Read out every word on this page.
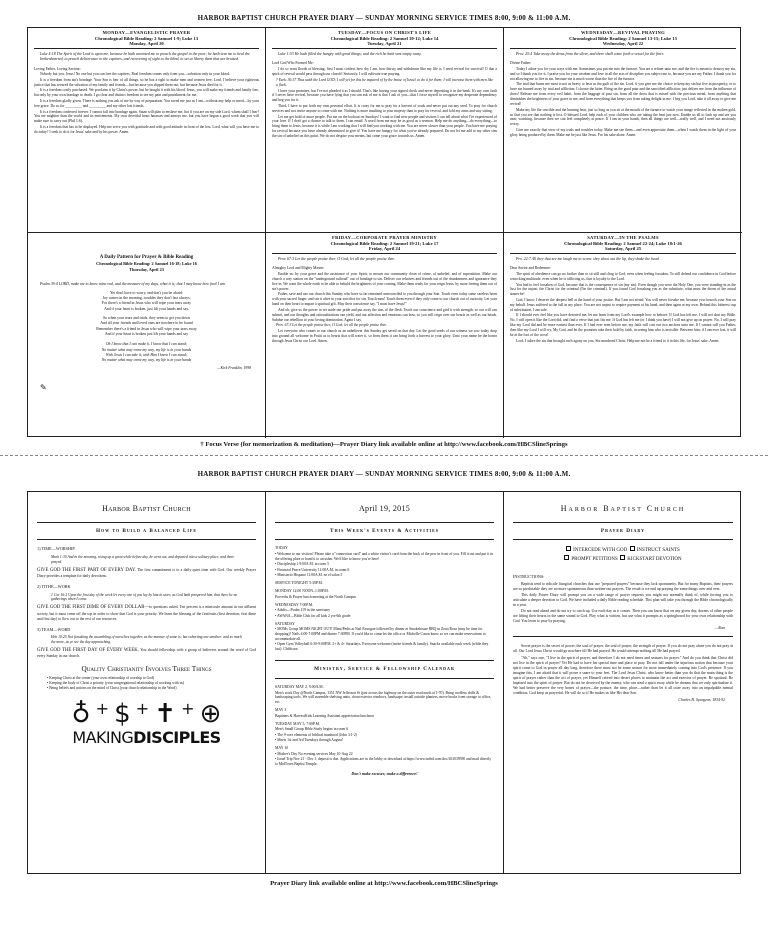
HARBOR BAPTIST CHURCH PRAYER DIARY — SUNDAY MORNING SERVICE TIMES 8:00, 9:00 & 11:00 A.M.
MONDAY—EVANGELISTIC PRAYER
Chronological Bible Reading: 2 Samuel 1-9; Luke 13
Monday, April 20
Luke 4:18 The Spirit of the Lord is upon me, because he hath anointed me to preach the gospel to the poor; he hath sent me to heal the brokenhearted, to preach deliverance to the captives, and recovering of sight to the blind, to set at liberty them that are bruised.

Loving Father, Loving Saviour:

Nobody but you, Jesus! No one but you can free the captives. Real freedom comes only from you—salvation only in your blood.

It is a freedom from sin's bondage. Your Son is heir of all things, so he has a right to make men and women free. Lord, I believe your righteous justice that has secured the salvation of my family and friends—but because you slipped them out, but because Jesus died for it.

It is a freedom costly purchased. We proclaim it by Christ's power, but he bought it with his blood. Jesus, you will make my friends and family free, but only by your own bondage to death. I go clear and distinct freedom to see my pain and punishment for me.

It is a freedom gladly given. There is nothing you ask of me by way of preparation. You saved me just as I am—without any help or merit—by your free grace. Do so for _________ and _________ and my other lost friends.

It is a freedom conferred forever. I cannot fall into bondage again. Satan will plan to enslave me, but if you are on my side Lord, whom shall I fear? You are mightier than the world and its enticements. My own deceitful heart harasses and annoys me, but you have begun a good work that you will make sure to carry out (Phil 1:6).

It is a freedom that has to be displayed. Help me serve you with gratitude and with good attitude in front of the lost. Lord, what will you have me to do today? I seek to do it for Jesus' sake and by his power. Amen.

TUESDAY—FOCUS ON CHRIST'S LIFE
Chronological Bible Reading: 2 Samuel 10-12; Luke 14
Tuesday, April 21
Luke 1:53 He hath filled the hungry with good things; and the rich he hath sent empty away.

Lord God Who Formed Me:

I do so want floods of blessing; first I must confess how dry I am, how thirsty and withdrawn like my life is. I need revival for survival! O that a spirit of revival would pass through our church! Seriously, I will cultivate true praying.

† Ezek. 36:37 Thus saith the Lord GOD; I will yet for this be inquired of by the house of Israel, to do it for them; I will increase them with men like a flock.

I have your promises, but I've not pleaded it as I should. That's like having your signed check and never depositing it in the bank. It's my own fault if I never have revival, because you have lying that you can ask of me is that I ask of you—that I force myself to recognize my desperate dependency and beg you for it.

Third, I have to put forth my own personal effort. It is crazy for me to pray for a harvest of souls and never put out any seed. To pray for church services and not invite anyone to come with me. Nothing is more insulting to your majesty than to pray for revival, and fold my arms and stay sitting.

Let me get hold of more people. Put me on the lookout on Sundays! I want to find new people and visitors I can tell about what I've experienced of your love. If I don't get a chance to talk to them, I can email. A word from me may be as good as a sermon. Help me do anything—do everything—to bring them to Jesus, because it is while I am working that I will find you working with me. You are never slower than your people. You have me praying for revival because you have already determined to give it! You have me hungry for what you've already prepared. Do not let me add to my other sins the sin of unbelief on this point. We do not despise your means, but come your grace towards us. Amen.

WEDNESDAY—REVIVAL PRAYING
Chronological Bible Reading: 2 Samuel 13-15; Luke 15
Wednesday, April 22
Prov. 25:4 Take away the dross from the silver, and there shall come forth a vessel for the finer.

Divine Father:

Today I adore you for your ways with me. Sometimes you put me into the furnace. You are a refiner unto me, and the fire is meant to destroy my sin, and so I thank you for it. I praise you for your wisdom and love in all the acts of discipline you subject me to, because you are my Father. I thank you for not allowing me to live in sin, because sin is much worse than the fire of the furnace.

The trial that burns me most is not as heavy to bear as the guilt of the sin. Lord, if you give me the choice to keep my sin but live in prosperity, or to have sin burned away by trial and affliction, I choose the latter. Bring on the good pain and the sanctified affliction; just deliver me from the influence of dross! Release me from every evil habit, from the baggage of past sin, from all the dross that is mixed with the precious metal, from anything that diminishes the brightness of your grace in me, and from everything that keeps you from taking delight in me. I beg you Lord, take it all away to give me revival!

Make my life the crucible and the burning heat, just so long as you sit at the mouth of the furnace to watch your image reflected in the molten gold, so that you see that nothing is lost. O blessed Lord, help each of your children who are taking the heat just now. Enable us all to look up and see you near, watching, because then we can feel completely at peace. If I am in your hands, then all things are well—really well, and I need not anxiously worry.

Give me exactly that view of my trials and troubles today. Make me see them—and even appreciate them—when I watch them in the light of your glory being produced by them. Make me be just like Jesus. For his sake alone. Amen.

A Daily Pattern for Prayer & Bible Reading
Chronological Bible Reading: 2 Samuel 16-18; Luke 16
Thursday, April 23
Psalm 39:4 LORD, make me to know mine end, and the measure of my days, what it is; that I may know how frail I am.
Yet don't have to worry, and don't you be afraid:
Joy comes in the morning, troubles they don't last always;
For there's a friend in Jesus who will wipe your tears away
And if your heart is broken, just lift your hands and say.
So when your tears and trials, they seem to get you down
And all your friends and loved ones are nowhere to be found
Remember there's a friend in Jesus who will wipe your tears away
And if your heart is broken just lift your hands and say
Oh I know that I can make it. I know that I can stand;
No matter what may come my way, my life is in your hands
With Jesus I can take it, with Him I know I can stand;
No matter what may come my way, my life is in your hands
—Kirk Franklin, 1998
✎
FRIDAY—CORPORATE PRAYER MINISTRY
Chronological Bible Reading: 2 Samuel 19-21; Luke 17
Friday, April 24
Prov. 67:3 Let the people praise thee, O God; let all the people praise thee.

Almighty Lord and Mighty Master:

Enable us, by your grace and the assistance of your Spirit, to mourn our community clean of crime, of unbelief, and of superstition. Make our church a way station on the "underground railroad" out of bondage to sin. Deliver our relatives and friends out of the drunkenness and ignorance they live in. We want the whole earth to be able to behold the brightness of your coming. Make them ready for your reign Jesus, by more freeing them out of sin's power.

Father, save and use our church this Sunday who have so far remained unreconciled to you through your Son. Touch even today some careless heart with your sacred finger, and stir it alive to your sacrifice for sin. Touch men! Touch them even if they only come to our church out of curiosity. Let your hand on their heart to impart a spiritual gift. May their conscience say, "I must have Jesus!"

And oh, give us the power to set aside our pride and put away the sins of the flesh. Teach our conscience and gird it with strength, so our will can submit, and our thoughts and rationalizations can yield, and our affection and emotions can bow, so you will reign over our hearts as well as our heads. Subdue our rebellion to your loving domination. Again I say,

Prov. 67:3 Let the people praise thee, O God; let all the people praise thee.

Let everyone who comes to our church as an unbeliever this Sunday get saved on that day. Let the good seeds of our witness we sow today drop into ground all welcome in Pruitt as to hearts that will water it, so from them it can bring forth a harvest to your glory. Unto your name be the honor through Jesus Christ our Lord. Amen.

SATURDAY—IN THE PSALMS
Chronological Bible Reading: 2 Samuel 22-24; Luke 18:1-26
Saturday, April 25
Pro. 22:7 All they that see me laugh me to scorn: they shoot out the lip, they shake the head.

Dear Savior and Redeemer:

The spirit of obedience can go no further than to sit still and cling to God, even when feeling forsaken. To still defend our confidence in God before a mocking multitude, even when he is afflicting us, that is loyalty to the Lord.

You had to feel forsaken of God, because that is the consequence of sin (my sin). Even though you were the Holy One, you were standing-in as the Just for the unjust, the Christ for the criminal (I'm the criminal). If you found God forsaking you as the substitute, what must the doom of the actual sinner be!

God, I know I deserve the deepest hell at the hand of your justice. But I am not afraid. You will never forsake me, because you forsook your Son on my behalf. Jesus suffered to the full in my place. You are not unjust to require payment at his hand, and then again at my own. Behind this bitterest cup of substitution, I am safe.

If I should ever feel like you have deserted me, let me learn from my Lord's example how to behave. If God has left me, I will not shut my Bible. No, I will open it like the Lord did, and find a verse that just fits me. If God has left me (or I think you have) I will not give up on prayer. No, I will pray like my Lord did and be more earnest than ever. If I had ever seen before me, my faith will cast out two anchors unto me. If I cannot call you Father, then like my Lord I will cry, My God, and let the promises take their hold by faith, in seeing him who is invisible. Between him; if I am ever lost, it will be at the foot of the cross!

Lord, I adore the sin that brought such agony on you, Sin murdered Christ. Help me not be a friend to it in this life, for Jesus' sake. Amen.

† Focus Verse (for memorization & meditation)—Prayer Diary link available online at http://www.facebook.com/HBCSlineSprings
HARBOR BAPTIST CHURCH PRAYER DIARY — SUNDAY MORNING SERVICE TIMES 8:00, 9:00 & 11:00 A.M.
Harbor Baptist Church
How to Build a Balanced Life
1) TIME—WORSHIP
Mark 1:35 And in the morning, rising up a great while before day, he went out, and departed into a solitary place, and there prayed.

GIVE GOD THE FIRST PART OF EVERY DAY. The first commitment is to a daily quiet time with God. Our weekly Prayer Diary provides a template for daily devotions.

2) TITHE—WORK
1 Cor 16:2 Upon the first day of the week let every one of you lay by him in store, as God hath prospered him, that there be no gatherings when I come.

GIVE GOD THE FIRST DIME OF EVERY DOLLAR—to questions asked. Ten percent is a miniscule amount in our affluent society, but it must come off the top in order to show that God is your priority. We learn the blessing of the firstfruits (first devotion, first dime and first day) to flow out to the rest of our resources.

3) TEAM—WORD
Heb 10:25 Not forsaking the assembling of ourselves together, as the manner of some is; but exhorting one another: and so much the more, as ye see the day approaching.

GIVE GOD THE FIRST DAY OF EVERY WEEK. You should fellowship with a group of believers around the word of God every Sunday in our church.

Quality Christianity Involves Three Things
• Keeping Christ at the center (your own relationship of worship to God)
• Keeping the body of Christ a priority (your congregational relationship of working with us)
• Being beliefs and actions on the mind of Christ (your church relationship in the Word)
♁ + $ + ✝ + ⊕
MAKINGDISCIPLES
April 19, 2015
This Week's Events & Activities

TODAY

• Welcome to our visitors! Please take a "connection card" and a white visitor's card from the back of the pew in front of you. Fill it out and put it in the offering plate or hand it to an usher. We'd like to know you're here!

• Discipleship 2 9:00A.M. in room 5

• Financial Peace University 11:00A.M. in room 6

• Ministerio Hispano 11:00A.M. en el salon 5

SERVICE TONIGHT 5:30P.M.

MONDAY 12:00 NOON–1:00P.M.

Proverbs & Prayer lunch meeting at the North Campus

WEDNESDAY 7:00P.M.

• Adults—Psalm 119 in the sanctuary

• AWANA—Bible Club for all kids 2 yrs-6th grade

SATURDAY

• MOMs Group MOMS NIGHT OUT! Mimi/Pedis at Nail Envogue followed by dinner at Smokehouse BBQ in Zona Rosa (may be time for shopping)! Nails 4:00-7:00PM and dinner 7:30PM. If you'd like to come let the office or Michelle Cason know so we can make reservations to accommodate all.

• Open Gym Volleyball 6:30-9:00P.M. 2+ & 4+ Saturdays. Everyone welcome (invite friends & family). Snacks available each week (while they last). Childcare.

Ministry, Service & Fellowship Calendar

SATURDAY MAY 2, 9:00A.M.

Men's work Day @North Campus, 1351 NW Jefferson St (just across the highway on the outer road north of I-70). Bring cordless drills & landscaping tools. We will assemble shelving units, clean exterior windows, landscape, install outside planters, move books from storage to office, etc.

MAY 3

Baptisms & HarvestKids Learning Assistant appreciation luncheon

TUESDAY MAY 5, 7:00P.M.

Men's Small Group Bible Study begins in room 6

• The 9-core elements of biblical manhood (John 3:1-2)

• Meets 1st and 3rd Tuesdays through August!

MAY 10

• Mother's Day No evening services May 10-Aug 22

• Israel Trip Nov 21 - Dec 1, deposit is due. Applications are in the lobby or download at https://www.tsribd.com/doc/261039590 and mail directly to MidTown Baptist Temple.

Don't make excuses; make a difference!
Harbor Baptist Church
Prayer Diary
INTERCEDE WITH GOD INSTRUCT SAINTS
PROMPT PETITIONS KICKSTART DEVOTION
INSTRUCTIONS:

Baptists tend to ridicule liturgical churches that use "prepared prayers" because they lack spontaneity. But for many Baptists, their prayers are so predictable they are no more spontaneous than written-out prayers. The result is we end up praying the same things over and over.

This daily Prayer Diary will prompt you on a wide range of prayer requests you might not normally think of, while forcing you to articulate a deeper devotion to God. We have included a daily Bible reading schedule. This plan will take you through the Bible chronologically in a year.

Do not read ahead and do not try to catch up. Use each day as it comes. Then you can know that on any given day, dozens of other people are lifting their hearts in the same strand to God. Play what is written, but use what it prompts as a springboard for your own relationship with God. You learn to pray by praying.

—Alan

Secret prayer is the secret of power, the soul of prayer, the seal of prayer, the strength of prayer. If you do not pray alone you do not pray at all. Our Lord Jesus Christ would go nowhere till He had prayed. He would attempt nothing till He had prayed.

"Ah," says one, "I live in the spirit of prayer, and therefore I do not need times and seasons for prayer." And do you think that Christ did not live in the spirit of prayer? Yet He had to have his special time and place to pray. Do not fall under the injurious notion that because your spirit come to God in prayer all day long, therefore there must not be some season for more immediately coming into God's presence. If you imagine this, I am afraid that it will prove a snare to your feet. The Lord Jesus Christ, who knew better than you do that the main thing is the spirit of prayer rather than the act of prayer, yet Himself retired into desert places to maintain the act and exercise of prayer. Be spiritual. Be baptized into the spirit of prayer. But do not be deceived by the enemy, who can steal a spirit away while he dreams that we only spiritualize it. We had better preserve the very bones of prayer—the posture, the time, place—rather than let it all ooze away into an impalpable mental condition. God keep us prayerful. He will do so if He makes us like His dear Son.

Charles H. Spurgeon, 1834-92
Prayer Diary link available online at http://www.facebook.com/HBCSlineSprings
